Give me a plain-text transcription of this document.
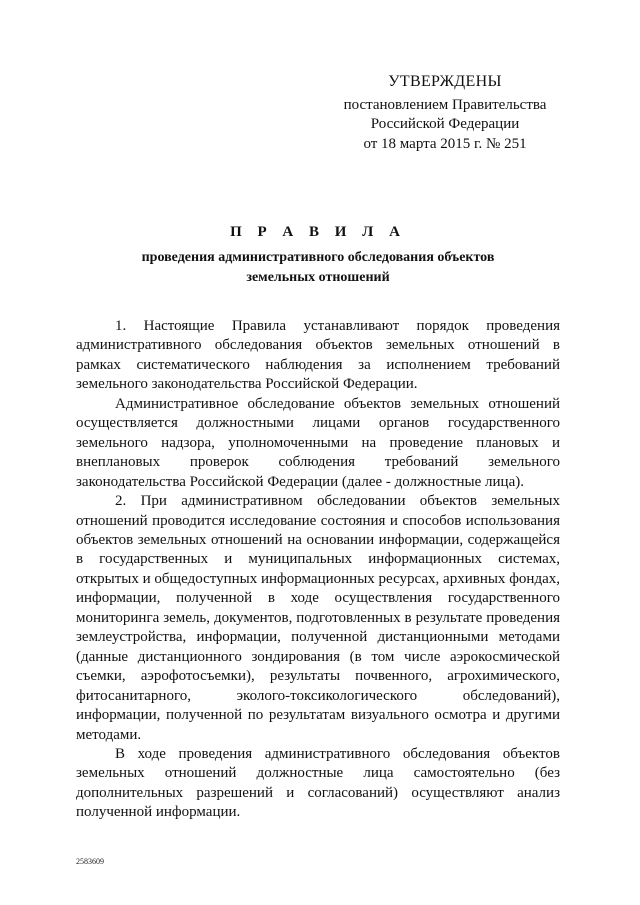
УТВЕРЖДЕНЫ
постановлением Правительства
Российской Федерации
от 18 марта 2015 г. № 251
П Р А В И Л А
проведения административного обследования объектов
земельных отношений

1. Настоящие Правила устанавливают порядок проведения административного обследования объектов земельных отношений в рамках систематического наблюдения за исполнением требований земельного законодательства Российской Федерации.

Административное обследование объектов земельных отношений осуществляется должностными лицами органов государственного земельного надзора, уполномоченными на проведение плановых и внеплановых проверок соблюдения требований земельного законодательства Российской Федерации (далее - должностные лица).

2. При административном обследовании объектов земельных отношений проводится исследование состояния и способов использования объектов земельных отношений на основании информации, содержащейся в государственных и муниципальных информационных системах, открытых и общедоступных информационных ресурсах, архивных фондах, информации, полученной в ходе осуществления государственного мониторинга земель, документов, подготовленных в результате проведения землеустройства, информации, полученной дистанционными методами (данные дистанционного зондирования (в том числе аэрокосмической съемки, аэрофотосъемки), результаты почвенного, агрохимического, фитосанитарного, эколого-токсикологического обследований), информации, полученной по результатам визуального осмотра и другими методами.

В ходе проведения административного обследования объектов земельных отношений должностные лица самостоятельно (без дополнительных разрешений и согласований) осуществляют анализ полученной информации.

2583609
